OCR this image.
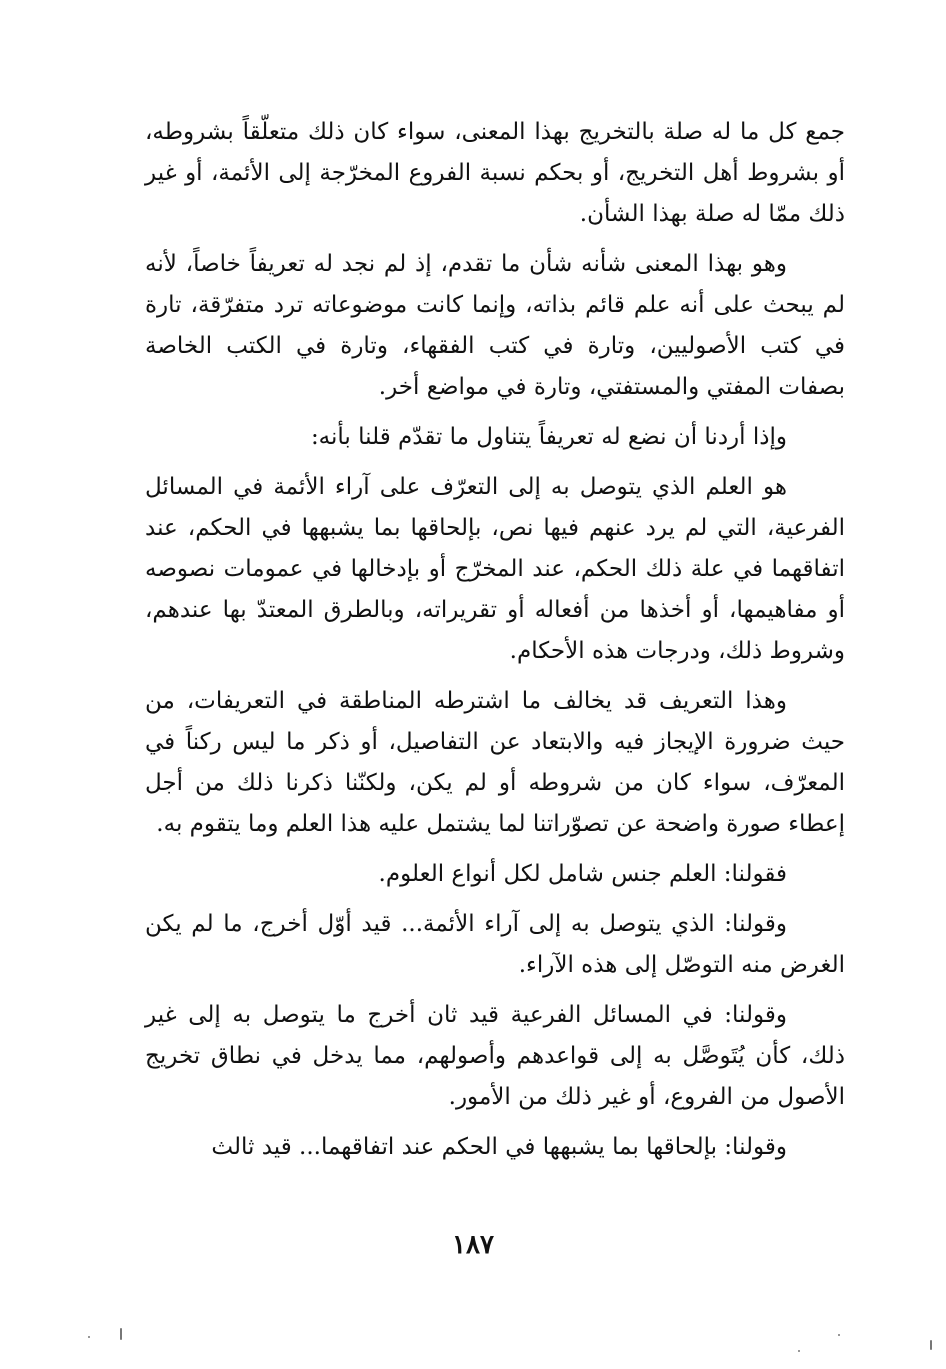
جمع كل ما له صلة بالتخريج بهذا المعنى، سواء كان ذلك متعلّقاً بشروطه، أو بشروط أهل التخريج، أو بحكم نسبة الفروع المخرّجة إلى الأئمة، أو غير ذلك ممّا له صلة بهذا الشأن.

وهو بهذا المعنى شأنه شأن ما تقدم، إذ لم نجد له تعريفاً خاصاً، لأنه لم يبحث على أنه علم قائم بذاته، وإنما كانت موضوعاته ترد متفرّقة، تارة في كتب الأصوليين، وتارة في كتب الفقهاء، وتارة في الكتب الخاصة بصفات المفتي والمستفتي، وتارة في مواضع أخر.

وإذا أردنا أن نضع له تعريفاً يتناول ما تقدّم قلنا بأنه:

هو العلم الذي يتوصل به إلى التعرّف على آراء الأئمة في المسائل الفرعية، التي لم يرد عنهم فيها نص، بإلحاقها بما يشبهها في الحكم، عند اتفاقهما في علة ذلك الحكم، عند المخرّج أو بإدخالها في عمومات نصوصه أو مفاهيمها، أو أخذها من أفعاله أو تقريراته، وبالطرق المعتدّ بها عندهم، وشروط ذلك، ودرجات هذه الأحكام.

وهذا التعريف قد يخالف ما اشترطه المناطقة في التعريفات، من حيث ضرورة الإيجاز فيه والابتعاد عن التفاصيل، أو ذكر ما ليس ركناً في المعرّف، سواء كان من شروطه أو لم يكن، ولكنّنا ذكرنا ذلك من أجل إعطاء صورة واضحة عن تصوّراتنا لما يشتمل عليه هذا العلم وما يتقوم به.

فقولنا: العلم جنس شامل لكل أنواع العلوم.

وقولنا: الذي يتوصل به إلى آراء الأئمة... قيد أوّل أخرج، ما لم يكن الغرض منه التوصّل إلى هذه الآراء.

وقولنا: في المسائل الفرعية قيد ثان أخرج ما يتوصل به إلى غير ذلك، كأن يُتَوصَّل به إلى قواعدهم وأصولهم، مما يدخل في نطاق تخريج الأصول من الفروع، أو غير ذلك من الأمور.

وقولنا: بإلحاقها بما يشبهها في الحكم عند اتفاقهما... قيد ثالث

١٨٧
